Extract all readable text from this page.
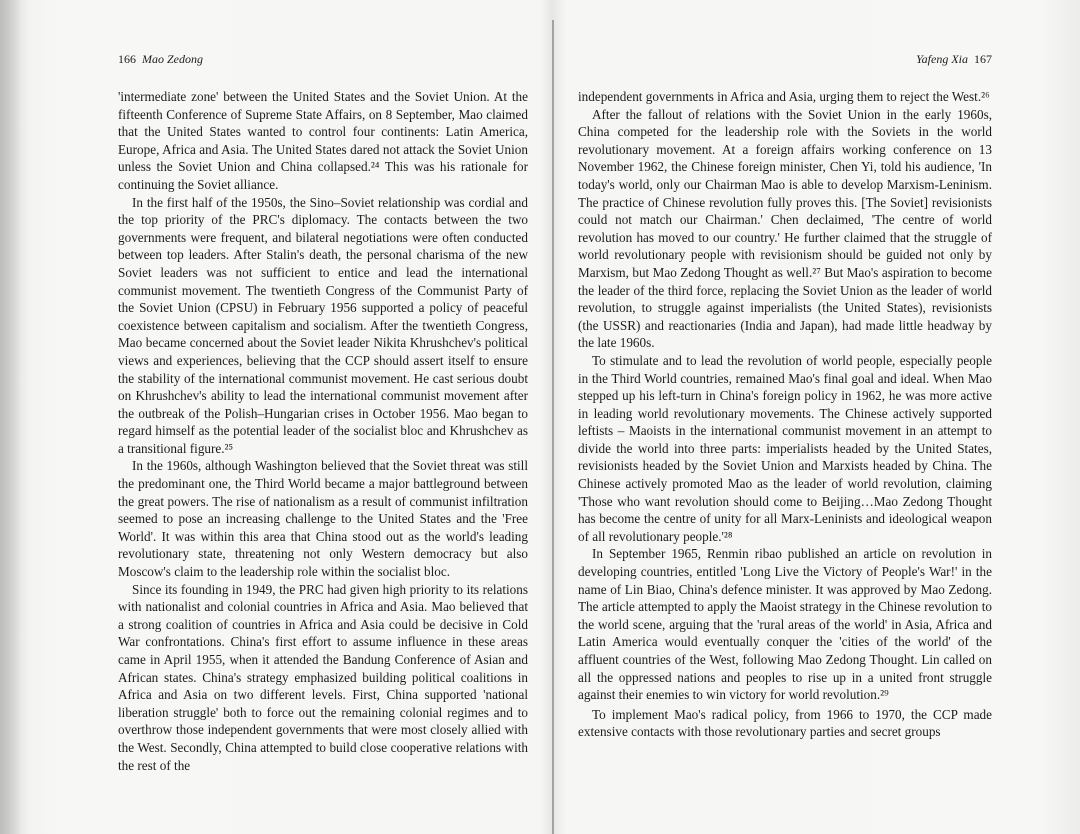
166 Mao Zedong

'intermediate zone' between the United States and the Soviet Union. At the fifteenth Conference of Supreme State Affairs, on 8 September, Mao claimed that the United States wanted to control four continents: Latin America, Europe, Africa and Asia. The United States dared not attack the Soviet Union unless the Soviet Union and China collapsed.²⁴ This was his rationale for continuing the Soviet alliance.

In the first half of the 1950s, the Sino–Soviet relationship was cordial and the top priority of the PRC's diplomacy. The contacts between the two governments were frequent, and bilateral negotiations were often conducted between top leaders. After Stalin's death, the personal charisma of the new Soviet leaders was not sufficient to entice and lead the international communist movement. The twentieth Congress of the Communist Party of the Soviet Union (CPSU) in February 1956 supported a policy of peaceful coexistence between capitalism and socialism. After the twentieth Congress, Mao became concerned about the Soviet leader Nikita Khrushchev's political views and experiences, believing that the CCP should assert itself to ensure the stability of the international communist movement. He cast serious doubt on Khrushchev's ability to lead the international communist movement after the outbreak of the Polish–Hungarian crises in October 1956. Mao began to regard himself as the potential leader of the socialist bloc and Khrushchev as a transitional figure.²⁵

In the 1960s, although Washington believed that the Soviet threat was still the predominant one, the Third World became a major battleground between the great powers. The rise of nationalism as a result of communist infiltration seemed to pose an increasing challenge to the United States and the 'Free World'. It was within this area that China stood out as the world's leading revolutionary state, threatening not only Western democracy but also Moscow's claim to the leadership role within the socialist bloc.

Since its founding in 1949, the PRC had given high priority to its relations with nationalist and colonial countries in Africa and Asia. Mao believed that a strong coalition of countries in Africa and Asia could be decisive in Cold War confrontations. China's first effort to assume influence in these areas came in April 1955, when it attended the Bandung Conference of Asian and African states. China's strategy emphasized building political coalitions in Africa and Asia on two different levels. First, China supported 'national liberation struggle' both to force out the remaining colonial regimes and to overthrow those independent governments that were most closely allied with the West. Secondly, China attempted to build close cooperative relations with the rest of the

Yafeng Xia 167

independent governments in Africa and Asia, urging them to reject the West.²⁶

After the fallout of relations with the Soviet Union in the early 1960s, China competed for the leadership role with the Soviets in the world revolutionary movement. At a foreign affairs working conference on 13 November 1962, the Chinese foreign minister, Chen Yi, told his audience, 'In today's world, only our Chairman Mao is able to develop Marxism-Leninism. The practice of Chinese revolution fully proves this. [The Soviet] revisionists could not match our Chairman.' Chen declaimed, 'The centre of world revolution has moved to our country.' He further claimed that the struggle of world revolutionary people with revisionism should be guided not only by Marxism, but Mao Zedong Thought as well.²⁷ But Mao's aspiration to become the leader of the third force, replacing the Soviet Union as the leader of world revolution, to struggle against imperialists (the United States), revisionists (the USSR) and reactionaries (India and Japan), had made little headway by the late 1960s.

To stimulate and to lead the revolution of world people, especially people in the Third World countries, remained Mao's final goal and ideal. When Mao stepped up his left-turn in China's foreign policy in 1962, he was more active in leading world revolutionary movements. The Chinese actively supported leftists – Maoists in the international communist movement in an attempt to divide the world into three parts: imperialists headed by the United States, revisionists headed by the Soviet Union and Marxists headed by China. The Chinese actively promoted Mao as the leader of world revolution, claiming 'Those who want revolution should come to Beijing…Mao Zedong Thought has become the centre of unity for all Marx-Leninists and ideological weapon of all revolutionary people.'²⁸

In September 1965, Renmin ribao published an article on revolution in developing countries, entitled 'Long Live the Victory of People's War!' in the name of Lin Biao, China's defence minister. It was approved by Mao Zedong. The article attempted to apply the Maoist strategy in the Chinese revolution to the world scene, arguing that the 'rural areas of the world' in Asia, Africa and Latin America would eventually conquer the 'cities of the world' of the affluent countries of the West, following Mao Zedong Thought. Lin called on all the oppressed nations and peoples to rise up in a united front struggle against their enemies to win victory for world revolution.²⁹

To implement Mao's radical policy, from 1966 to 1970, the CCP made extensive contacts with those revolutionary parties and secret groups
